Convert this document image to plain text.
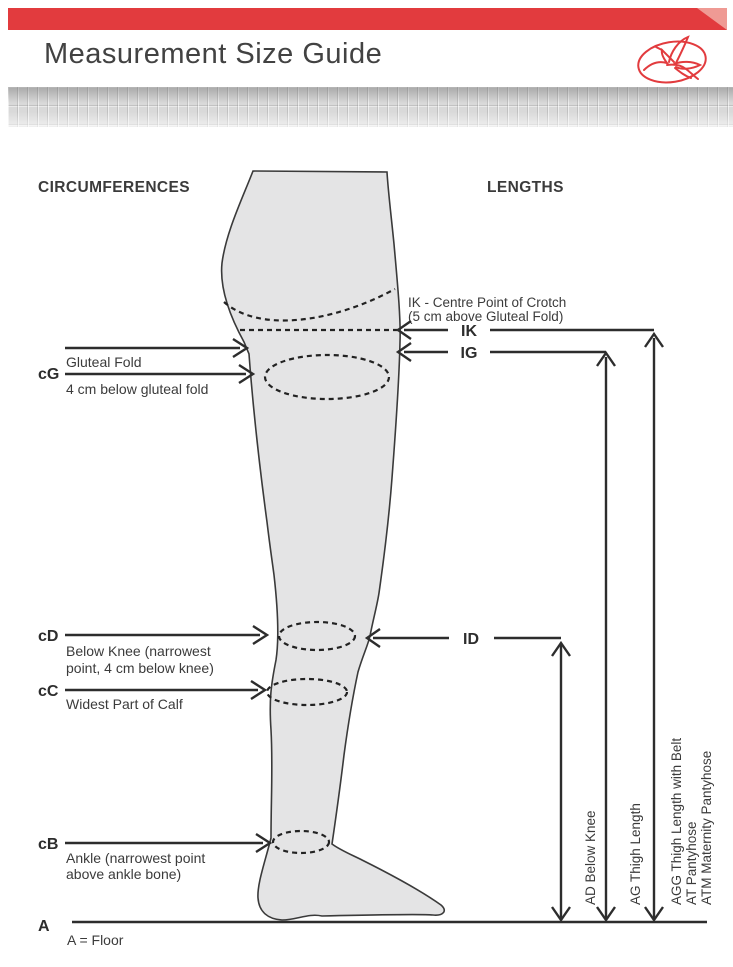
Measurement Size Guide
CIRCUMFERENCES	LENGTHS
cG
Gluteal Fold
4 cm below gluteal fold
cD
Below Knee (narrowest
point, 4 cm below knee)
cC
Widest Part of Calf
cB
Ankle (narrowest point
above ankle bone)
A
A = Floor
IK - Centre Point of Crotch
(5 cm above Gluteal Fold)
IK
IG
ID
AD Below Knee AG Thigh Length AGG Thigh Length with Belt AT Pantyhose ATM Maternity Pantyhose
